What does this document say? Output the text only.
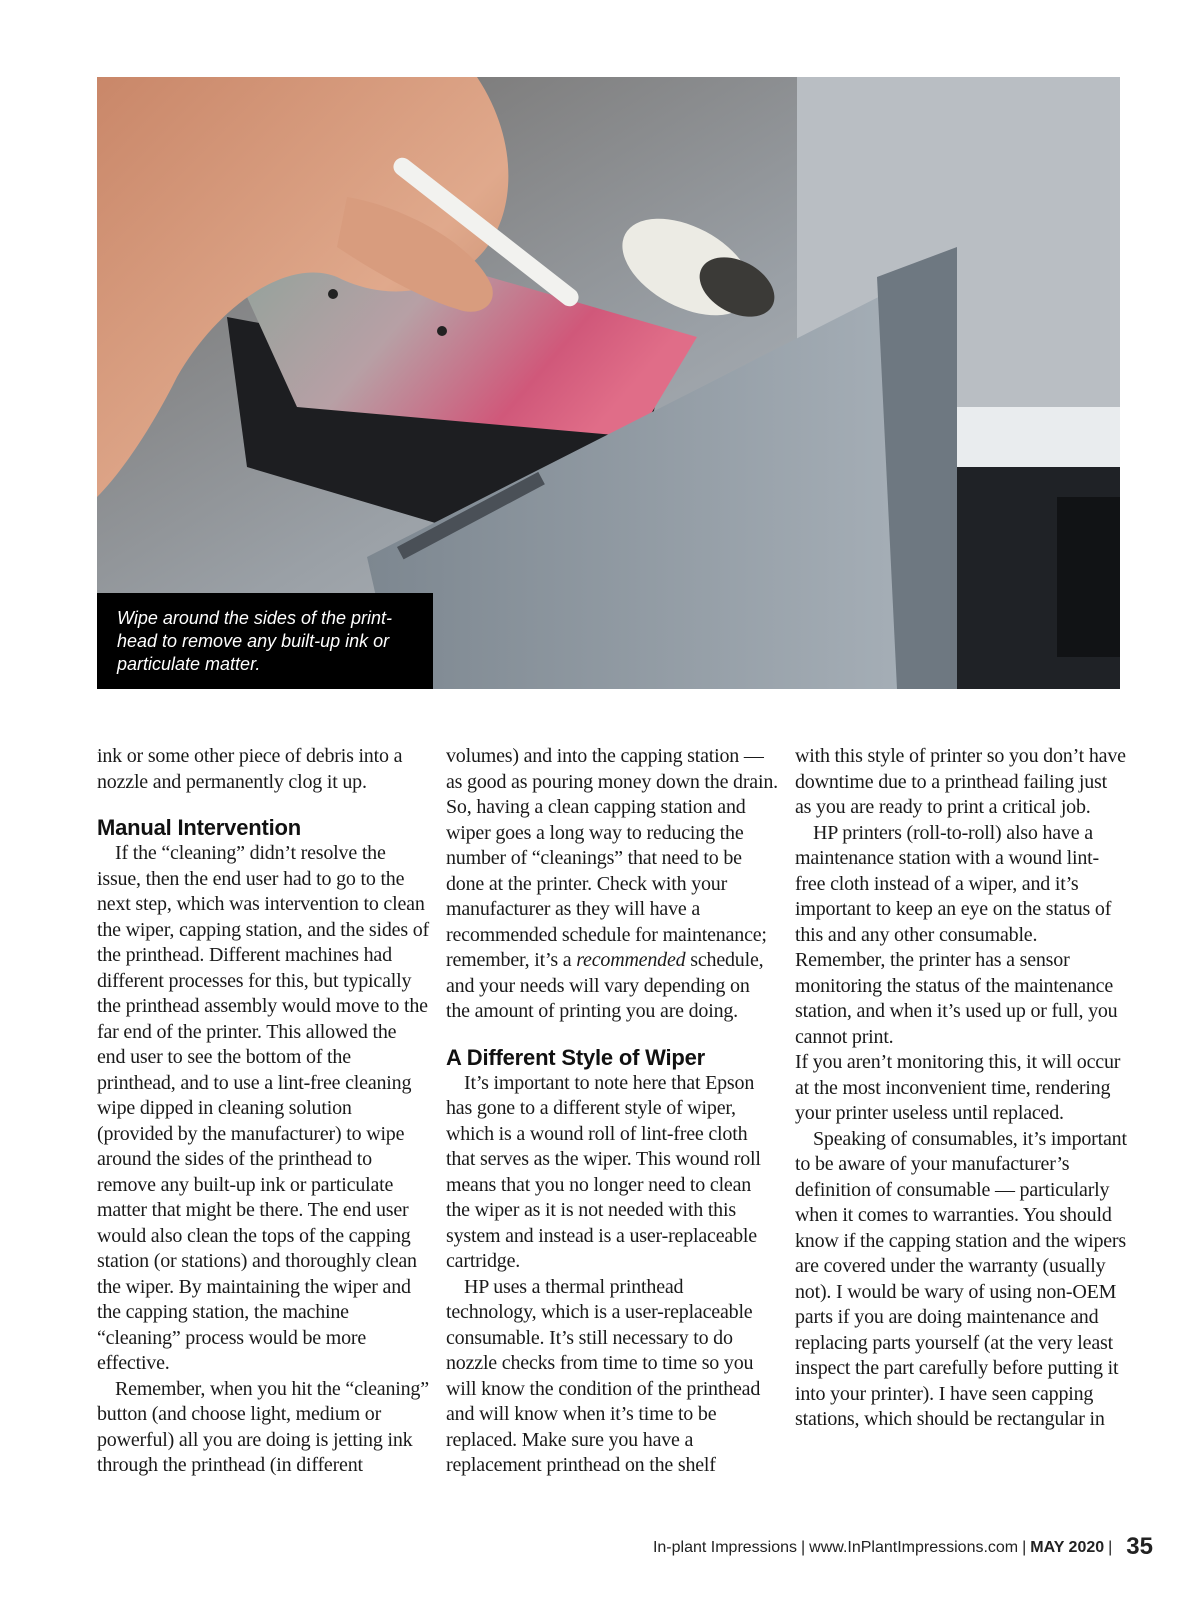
Wipe around the sides of the print-head to remove any built-up ink or particulate matter.

ink or some other piece of debris into a nozzle and permanently clog it up.

Manual Intervention

If the “cleaning” didn’t resolve the issue, then the end user had to go to the next step, which was intervention to clean the wiper, capping station, and the sides of the printhead. Different machines had different processes for this, but typically the printhead assembly would move to the far end of the printer. This allowed the end user to see the bottom of the printhead, and to use a lint-free cleaning wipe dipped in cleaning solution (provided by the manufacturer) to wipe around the sides of the printhead to remove any built-up ink or particulate matter that might be there. The end user would also clean the tops of the capping station (or stations) and thoroughly clean the wiper. By maintaining the wiper and the capping station, the machine “cleaning” process would be more effective.

Remember, when you hit the “cleaning” button (and choose light, medium or powerful) all you are doing is jetting ink through the printhead (in different

volumes) and into the capping station — as good as pouring money down the drain. So, having a clean capping station and wiper goes a long way to reducing the number of “cleanings” that need to be done at the printer. Check with your manufacturer as they will have a recommended schedule for maintenance; remember, it’s a recommended schedule, and your needs will vary depending on the amount of printing you are doing.

A Different Style of Wiper

It’s important to note here that Epson has gone to a different style of wiper, which is a wound roll of lint-free cloth that serves as the wiper. This wound roll means that you no longer need to clean the wiper as it is not needed with this system and instead is a user-replaceable cartridge.

HP uses a thermal printhead technology, which is a user-replaceable consumable. It’s still necessary to do nozzle checks from time to time so you will know the condition of the printhead and will know when it’s time to be replaced. Make sure you have a replacement printhead on the shelf

with this style of printer so you don’t have downtime due to a printhead failing just as you are ready to print a critical job.

HP printers (roll-to-roll) also have a maintenance station with a wound lint-free cloth instead of a wiper, and it’s important to keep an eye on the status of this and any other consumable. Remember, the printer has a sensor monitoring the status of the maintenance station, and when it’s used up or full, you cannot print.

If you aren’t monitoring this, it will occur at the most inconvenient time, rendering your printer useless until replaced.

Speaking of consumables, it’s important to be aware of your manufacturer’s definition of consumable — particularly when it comes to warranties. You should know if the capping station and the wipers are covered under the warranty (usually not). I would be wary of using non-OEM parts if you are doing maintenance and replacing parts yourself (at the very least inspect the part carefully before putting it into your printer). I have seen capping stations, which should be rectangular in

In-plant Impressions | www.InPlantImpressions.com | MAY 2020 | 35
